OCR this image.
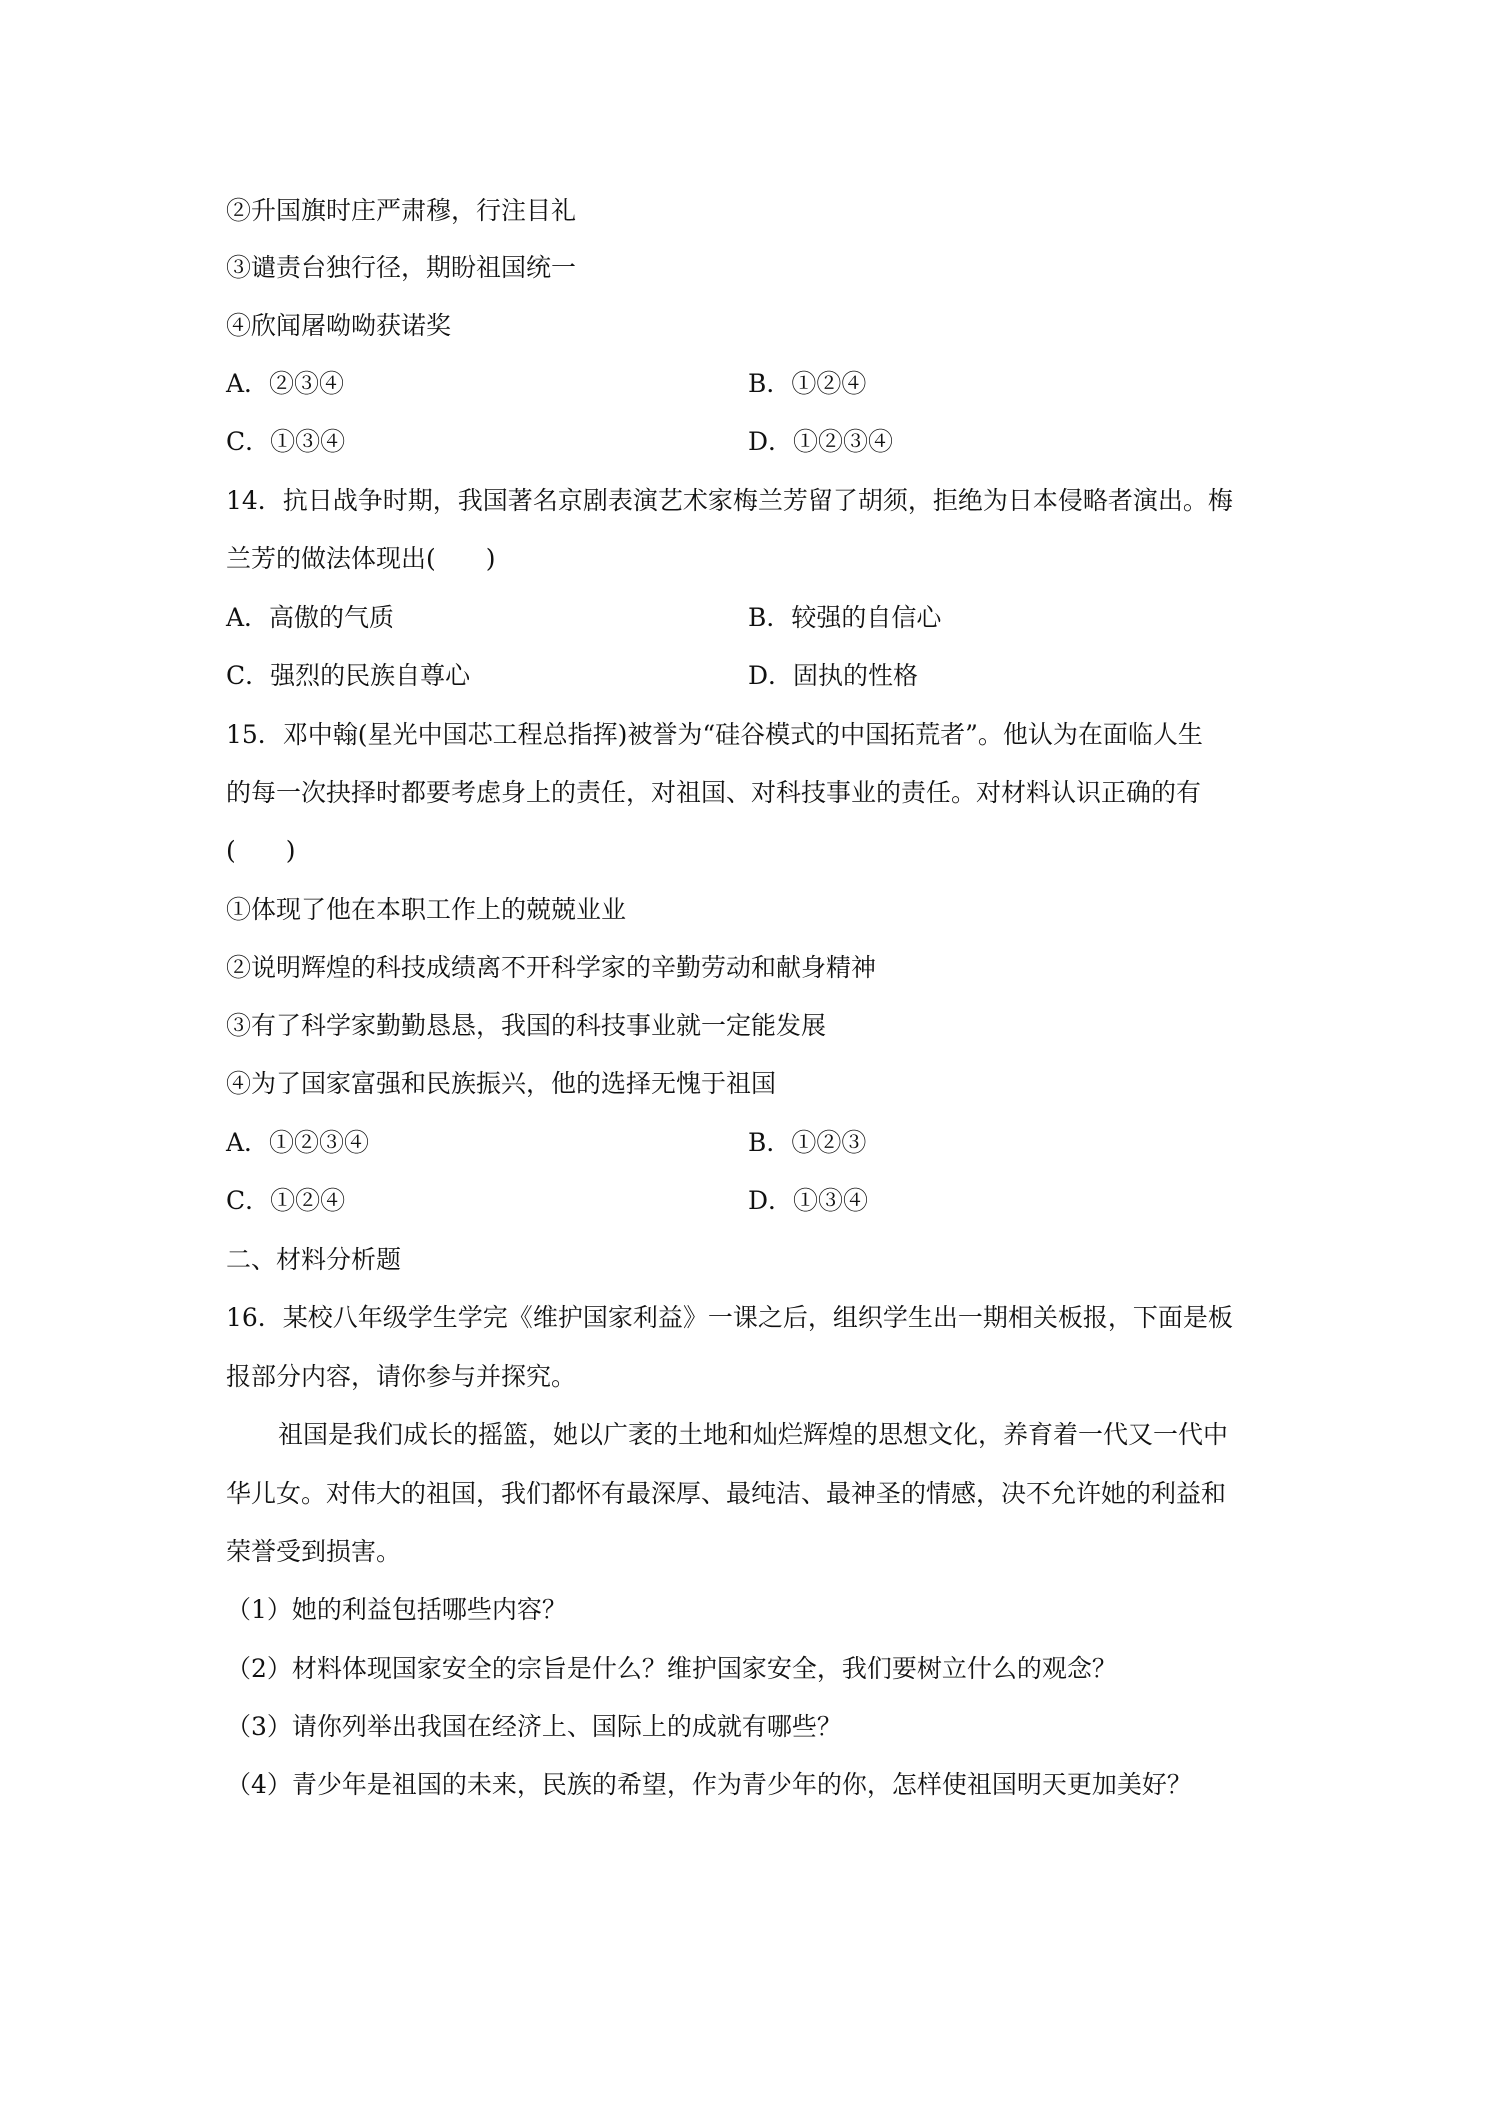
②升国旗时庄严肃穆，行注目礼
③谴责台独行径，期盼祖国统一
④欣闻屠呦呦获诺奖
A．②③④	B．①②④
C．①③④	D．①②③④
14．抗日战争时期，我国著名京剧表演艺术家梅兰芳留了胡须，拒绝为日本侵略者演出。梅
兰芳的做法体现出(　　)
A．高傲的气质	B．较强的自信心
C．强烈的民族自尊心	D．固执的性格
15．邓中翰(星光中国芯工程总指挥)被誉为“硅谷模式的中国拓荒者”。他认为在面临人生
的每一次抉择时都要考虑身上的责任，对祖国、对科技事业的责任。对材料认识正确的有
(　　)
①体现了他在本职工作上的兢兢业业
②说明辉煌的科技成绩离不开科学家的辛勤劳动和献身精神
③有了科学家勤勤恳恳，我国的科技事业就一定能发展
④为了国家富强和民族振兴，他的选择无愧于祖国
A．①②③④	B．①②③
C．①②④	D．①③④
二、材料分析题
16．某校八年级学生学完《维护国家利益》一课之后，组织学生出一期相关板报，下面是板
报部分内容，请你参与并探究。
祖国是我们成长的摇篮，她以广袤的土地和灿烂辉煌的思想文化，养育着一代又一代中
华儿女。对伟大的祖国，我们都怀有最深厚、最纯洁、最神圣的情感，决不允许她的利益和
荣誉受到损害。
（1）她的利益包括哪些内容？
（2）材料体现国家安全的宗旨是什么？维护国家安全，我们要树立什么的观念？
（3）请你列举出我国在经济上、国际上的成就有哪些？
（4）青少年是祖国的未来，民族的希望，作为青少年的你，怎样使祖国明天更加美好？
